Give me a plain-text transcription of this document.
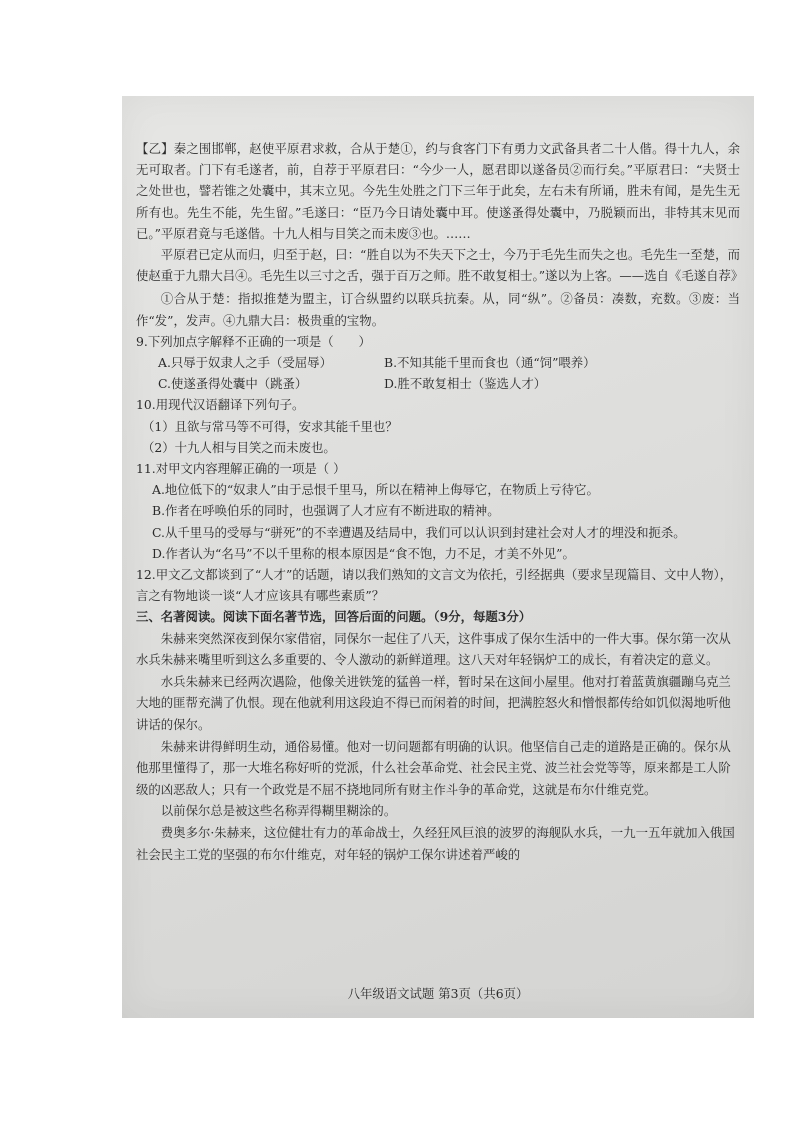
【乙】秦之围邯郸，赵使平原君求救，合从于楚①，约与食客门下有勇力文武备具者二十人偕。得十九人，余无可取者。门下有毛遂者，前，自荐于平原君曰：“今少一人，愿君即以遂备员②而行矣。”平原君曰：“夫贤士之处世也，譬若锥之处囊中，其末立见。今先生处胜之门下三年于此矣，左右未有所诵，胜未有闻，是先生无所有也。先生不能，先生留。”毛遂曰：“臣乃今日请处囊中耳。使遂蚤得处囊中，乃脱颖而出，非特其末见而已。”平原君竟与毛遂偕。十九人相与目笑之而未废③也。……

平原君已定从而归，归至于赵，曰：“胜自以为不失天下之士，今乃于毛先生而失之也。毛先生一至楚，而使赵重于九鼎大吕④。毛先生以三寸之舌，强于百万之师。胜不敢复相士。”遂以为上客。——选自《毛遂自荐》

①合从于楚：指拟推楚为盟主，订合纵盟约以联兵抗秦。从，同“纵”。②备员：凑数，充数。③废：当作“发”，发声。④九鼎大吕：极贵重的宝物。

9.下列加点字解释不正确的一项是（　　）

A.只辱于奴隶人之手（受屈辱）	B.不知其能千里而食也（通“饲”喂养）
C.使遂蚤得处囊中（跳蚤）	D.胜不敢复相士（鉴选人才）

10.用现代汉语翻译下列句子。

（1）且欲与常马等不可得，安求其能千里也？

（2）十九人相与目笑之而未废也。

11.对甲文内容理解正确的一项是（ ）

A.地位低下的“奴隶人”由于忌恨千里马，所以在精神上侮辱它，在物质上亏待它。

B.作者在呼唤伯乐的同时，也强调了人才应有不断进取的精神。

C.从千里马的受辱与“骈死”的不幸遭遇及结局中，我们可以认识到封建社会对人才的埋没和扼杀。

D.作者认为“名马”不以千里称的根本原因是“食不饱，力不足，才美不外见”。

12.甲文乙文都谈到了“人才”的话题，请以我们熟知的文言文为依托，引经据典（要求呈现篇目、文中人物），言之有物地谈一谈“人才应该具有哪些素质”？

三、名著阅读。阅读下面名著节选，回答后面的问题。（9分，每题3分）

朱赫来突然深夜到保尔家借宿，同保尔一起住了八天，这件事成了保尔生活中的一件大事。保尔第一次从水兵朱赫来嘴里听到这么多重要的、令人激动的新鲜道理。这八天对年轻锅炉工的成长，有着决定的意义。

水兵朱赫来已经两次遇险，他像关进铁笼的猛兽一样，暂时呆在这间小屋里。他对打着蓝黄旗疆蹦乌克兰大地的匪帮充满了仇恨。现在他就利用这段迫不得已而闲着的时间，把满腔怒火和憎恨都传给如饥似渴地听他讲话的保尔。

朱赫来讲得鲜明生动，通俗易懂。他对一切问题都有明确的认识。他坚信自己走的道路是正确的。保尔从他那里懂得了，那一大堆名称好听的党派，什么社会革命党、社会民主党、波兰社会党等等，原来都是工人阶级的凶恶敌人；只有一个政党是不屈不挠地同所有财主作斗争的革命党，这就是布尔什维克党。

以前保尔总是被这些名称弄得糊里糊涂的。

费奥多尔·朱赫来，这位健壮有力的革命战士，久经狂风巨浪的波罗的海舰队水兵，一九一五年就加入俄国社会民主工党的坚强的布尔什维克，对年轻的锅炉工保尔讲述着严峻的

八年级语文试题 第3页（共6页）
